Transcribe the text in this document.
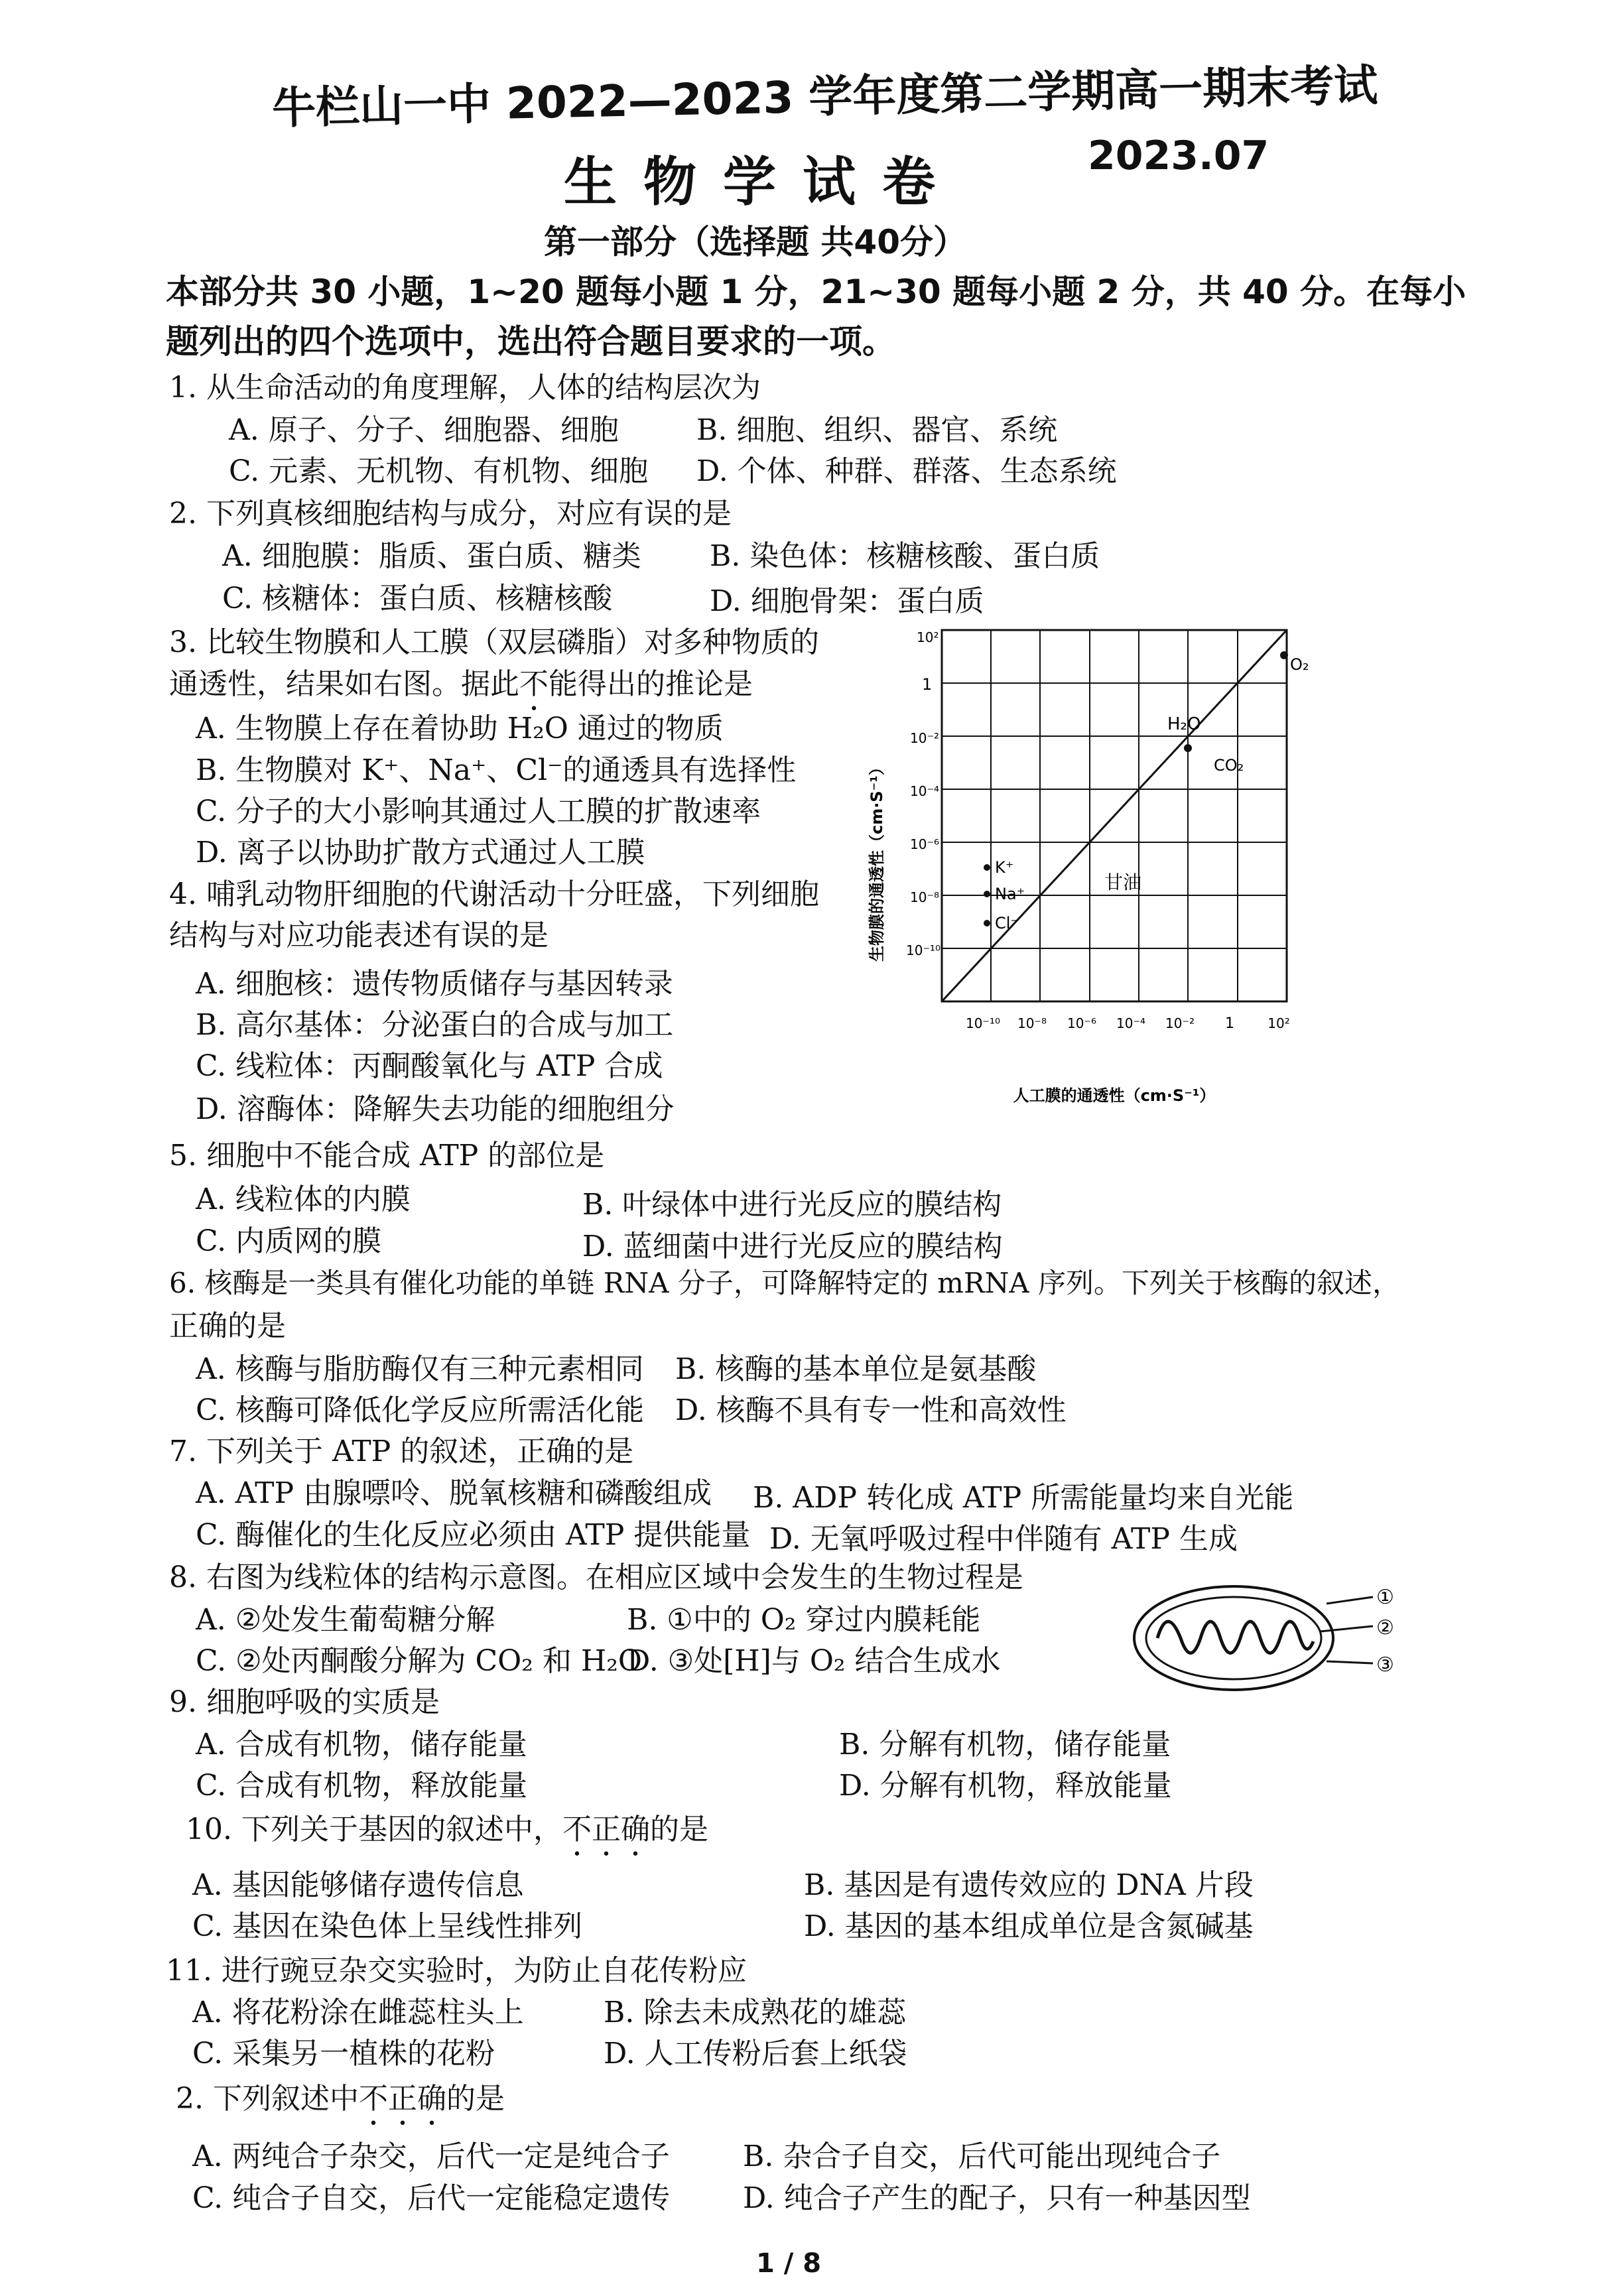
牛栏山一中 2022—2023 学年度第二学期高一期末考试
生物学试卷	2023.07
第一部分（选择题 共40分）
本部分共 30 小题，1~20 题每小题 1 分，21~30 题每小题 2 分，共 40 分。在每小
题列出的四个选项中，选出符合题目要求的一项。
1. 从生命活动的角度理解，人体的结构层次为
A. 原子、分子、细胞器、细胞	B. 细胞、组织、器官、系统
C. 元素、无机物、有机物、细胞 D. 个体、种群、群落、生态系统
2. 下列真核细胞结构与成分，对应有误的是
A. 细胞膜：脂质、蛋白质、糖类 B. 染色体：核糖核酸、蛋白质
C. 核糖体：蛋白质、核糖核酸	D. 细胞骨架：蛋白质
3. 比较生物膜和人工膜（双层磷脂）对多种物质的
通透性，结果如右图。据此不能得出的推论是
A. 生物膜上存在着协助 H₂O 通过的物质
B. 生物膜对 K⁺、Na⁺、Cl⁻的通透具有选择性
C. 分子的大小影响其通过人工膜的扩散速率
D. 离子以协助扩散方式通过人工膜
4. 哺乳动物肝细胞的代谢活动十分旺盛，下列细胞
结构与对应功能表述有误的是
A. 细胞核：遗传物质储存与基因转录
B. 高尔基体：分泌蛋白的合成与加工
C. 线粒体：丙酮酸氧化与 ATP 合成
D. 溶酶体：降解失去功能的细胞组分
10²
1
10⁻²
10⁻⁴
10⁻⁶
10⁻⁸
10⁻¹⁰
10⁻¹⁰ 10⁻⁸ 10⁻⁶ 10⁻⁴ 10⁻² 1	10²
生物膜的通透性（cm·S⁻¹）
人工膜的通透性（cm·S⁻¹）
O₂
H₂O
CO₂
K⁺
Na⁺
Cl⁻
甘油
5. 细胞中不能合成 ATP 的部位是
A. 线粒体的内膜	B. 叶绿体中进行光反应的膜结构
C. 内质网的膜	D. 蓝细菌中进行光反应的膜结构
6. 核酶是一类具有催化功能的单链 RNA 分子，可降解特定的 mRNA 序列。下列关于核酶的叙述，
正确的是
A. 核酶与脂肪酶仅有三种元素相同 B. 核酶的基本单位是氨基酸
C. 核酶可降低化学反应所需活化能 D. 核酶不具有专一性和高效性
7. 下列关于 ATP 的叙述，正确的是
A. ATP 由腺嘌呤、脱氧核糖和磷酸组成 B. ADP 转化成 ATP 所需能量均来自光能
C. 酶催化的生化反应必须由 ATP 提供能量 D. 无氧呼吸过程中伴随有 ATP 生成
8. 右图为线粒体的结构示意图。在相应区域中会发生的生物过程是
A. ②处发生葡萄糖分解	B. ①中的 O₂ 穿过内膜耗能
C. ②处丙酮酸分解为 CO₂ 和 H₂O
D. ③处[H]与 O₂ 结合生成水
①
②
③
9. 细胞呼吸的实质是
A. 合成有机物，储存能量	B. 分解有机物，储存能量
C. 合成有机物，释放能量	D. 分解有机物，释放能量
10. 下列关于基因的叙述中，不正确的是
A. 基因能够储存遗传信息	B. 基因是有遗传效应的 DNA 片段
C. 基因在染色体上呈线性排列	D. 基因的基本组成单位是含氮碱基
11. 进行豌豆杂交实验时，为防止自花传粉应
A. 将花粉涂在雌蕊柱头上	B. 除去未成熟花的雄蕊
C. 采集另一植株的花粉	D. 人工传粉后套上纸袋
2. 下列叙述中不正确的是
A. 两纯合子杂交，后代一定是纯合子	B. 杂合子自交，后代可能出现纯合子
C. 纯合子自交，后代一定能稳定遗传 D. 纯合子产生的配子，只有一种基因型
1 / 8
